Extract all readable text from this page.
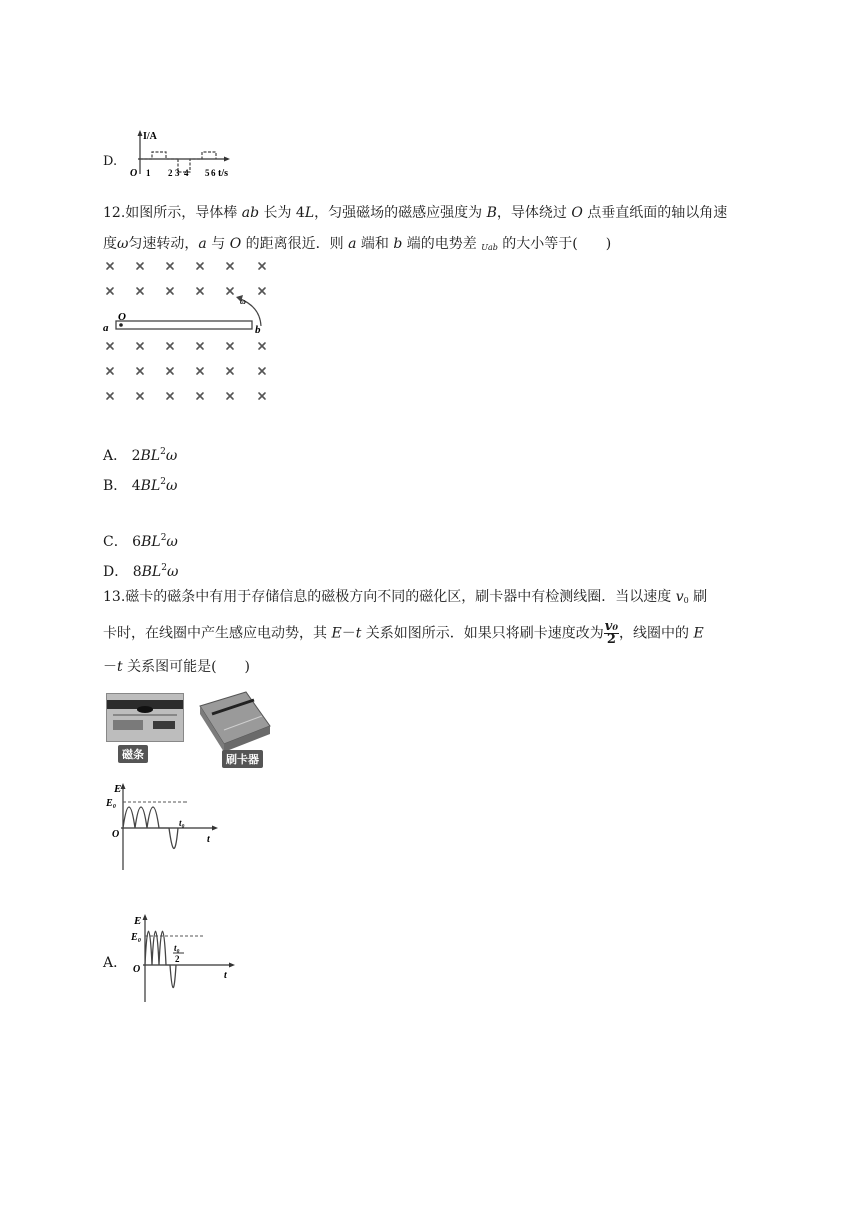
D.
I/A
O	t/s
1 2 3 4 5 6
12.如图所示，导体棒 ab 长为 4L，匀强磁场的磁感应强度为 B，导体绕过 O 点垂直纸面的轴以角速
度ω匀速转动，a 与 O 的距离很近．则 a 端和 b 端的电势差 $_{Uab}$ 的大小等于(　　)
a
O
b
ω
A． $2BL^2\omega$
B． $4BL^2\omega$
C． $6BL^2\omega$
D． $8BL^2\omega$
13.磁卡的磁条中有用于存储信息的磁极方向不同的磁化区，刷卡器中有检测线圈．当以速度 $v_0$ 刷
卡时，在线圈中产生感应电动势，其 E－t 关系如图所示．如果只将刷卡速度改为 $\frac{\text{v₀}}{2}$ ，线圈中的 E
－t 关系图可能是(　　)
磁条	刷卡器
E
E₀
O
t₀
t
A．
E
E₀
O
t₀
2
t
